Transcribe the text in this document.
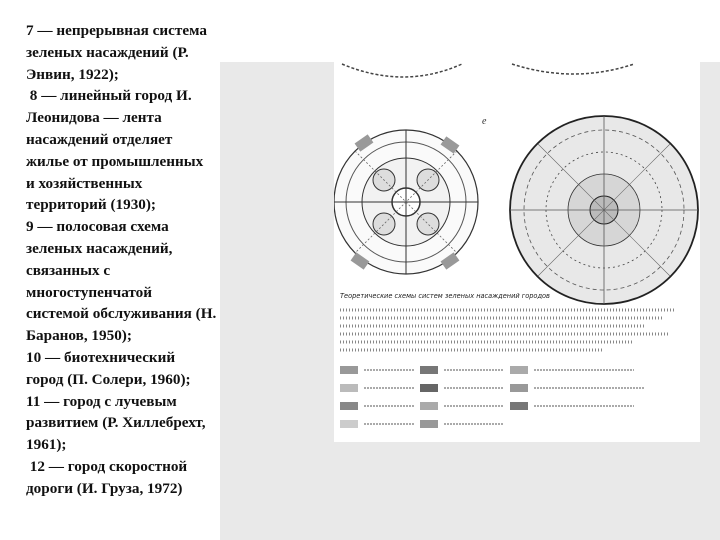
7 — непрерывная система

зеленых насаждений (Р.

Энвин, 1922);

8 — линейный город И.

Леонидова — лента

насаждений отделяет

жилье от промышленных

и хозяйственных

территорий (1930);

9 — полосовая схема

зеленых насаждений,

связанных с

многоступенчатой

системой обслуживания (Н.

Баранов, 1950);

10 — биотехнический

город (П. Солери, 1960);

11 — город с лучевым

развитием (Р. Хиллебрехт,

1961);

12 — город скоростной

дороги (И. Груза, 1972)

е
Теоретические схемы систем зеленых насаждений городов
